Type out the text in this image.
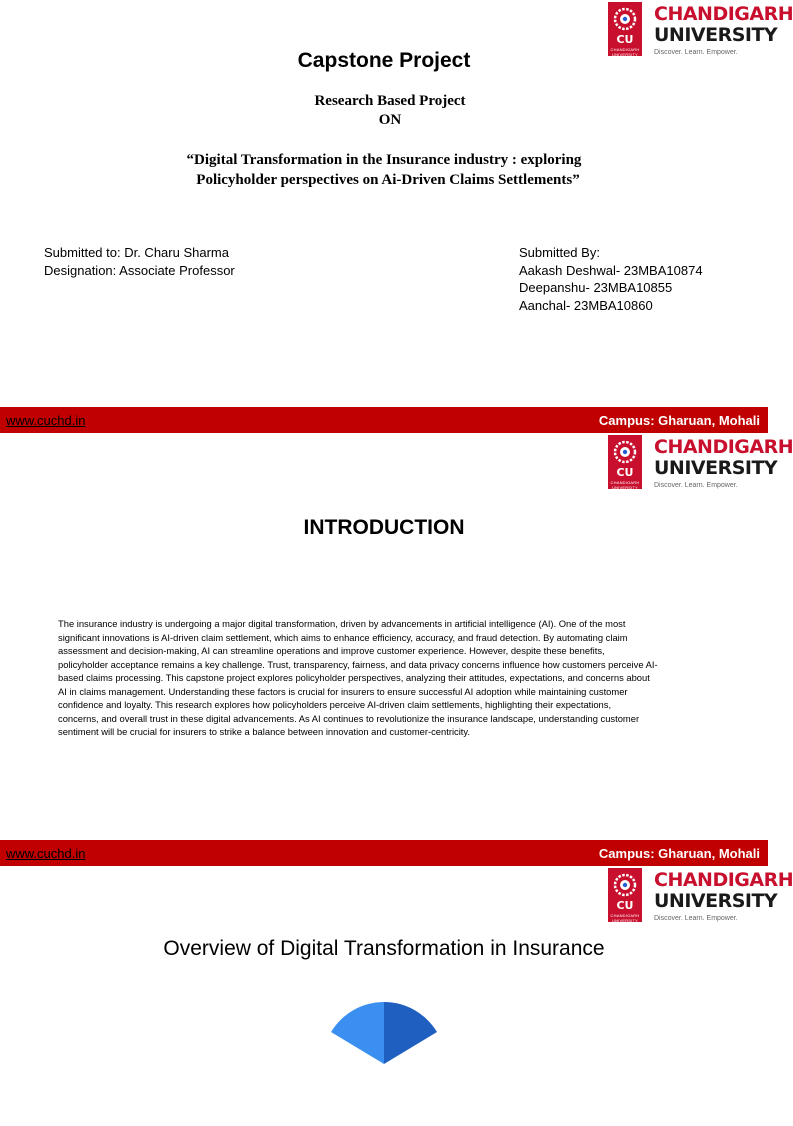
CU
CHANDIGARH UNIVERSITY
CHANDIGARH
UNIVERSITY
Discover. Learn. Empower.
Capstone Project
Research Based Project
ON
“Digital Transformation in the Insurance industry : exploring
Policyholder perspectives on Ai-Driven Claims Settlements”
Submitted to: Dr. Charu Sharma
Designation: Associate Professor
Submitted By:
Aakash Deshwal- 23MBA10874
Deepanshu- 23MBA10855
Aanchal- 23MBA10860
www.cuchd.in	Campus: Gharuan, Mohali
CU
CHANDIGARH UNIVERSITY
CHANDIGARH
UNIVERSITY
Discover. Learn. Empower.
INTRODUCTION
The insurance industry is undergoing a major digital transformation, driven by advancements in artificial intelligence (AI). One of the most
significant innovations is AI-driven claim settlement, which aims to enhance efficiency, accuracy, and fraud detection. By automating claim
assessment and decision-making, AI can streamline operations and improve customer experience. However, despite these benefits,
policyholder acceptance remains a key challenge. Trust, transparency, fairness, and data privacy concerns influence how customers perceive AI-
based claims processing. This capstone project explores policyholder perspectives, analyzing their attitudes, expectations, and concerns about
AI in claims management. Understanding these factors is crucial for insurers to ensure successful AI adoption while maintaining customer
confidence and loyalty. This research explores how policyholders perceive AI-driven claim settlements, highlighting their expectations,
concerns, and overall trust in these digital advancements. As AI continues to revolutionize the insurance landscape, understanding customer
sentiment will be crucial for insurers to strike a balance between innovation and customer-centricity.
www.cuchd.in	Campus: Gharuan, Mohali
CU
CHANDIGARH UNIVERSITY
CHANDIGARH
UNIVERSITY
Discover. Learn. Empower.
Overview of Digital Transformation in Insurance
